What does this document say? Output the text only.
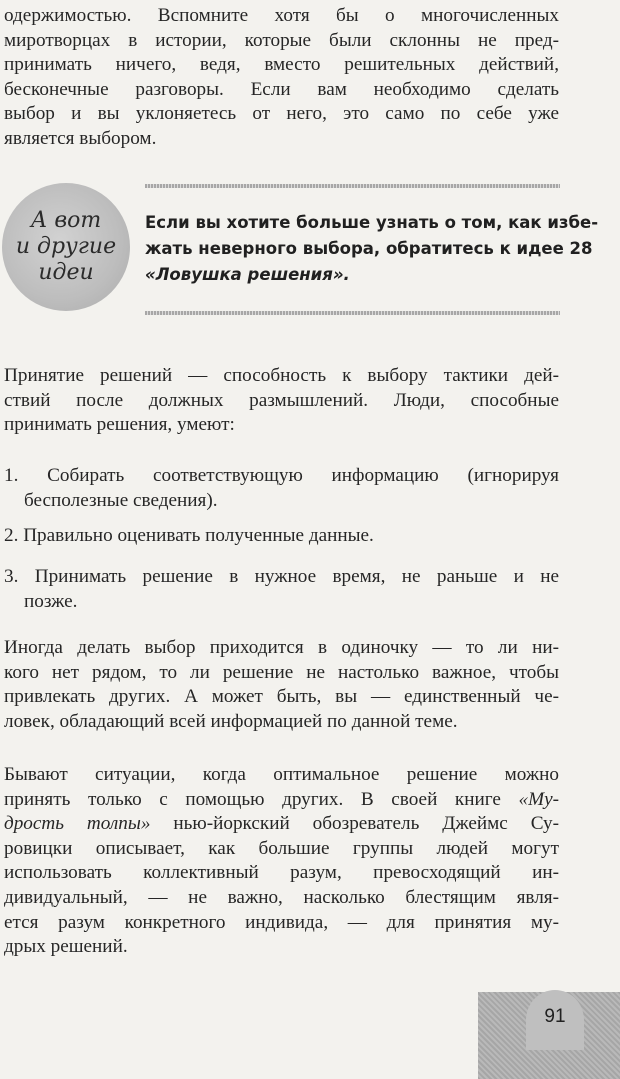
одержимостью. Вспомните хотя бы о многочисленных
миротворцах в истории, которые были склонны не пред-
принимать ничего, ведя, вместо решительных действий,
бесконечные разговоры. Если вам необходимо сделать
выбор и вы уклоняетесь от него, это само по себе уже
является выбором.

А вот
и другие
идеи

Если вы хотите больше узнать о том, как избе-
жать неверного выбора, обратитесь к идее 28
«Ловушка решения».

Принятие решений — способность к выбору тактики дей-
ствий после должных размышлений. Люди, способные
принимать решения, умеют:

1. Собирать соответствующую информацию (игнорируя
бесполезные сведения).

2. Правильно оценивать полученные данные.

3. Принимать решение в нужное время, не раньше и не
позже.

Иногда делать выбор приходится в одиночку — то ли ни-
кого нет рядом, то ли решение не настолько важное, чтобы
привлекать других. А может быть, вы — единственный че-
ловек, обладающий всей информацией по данной теме.

Бывают ситуации, когда оптимальное решение можно
принять только с помощью других. В своей книге «Му-
дрость толпы» нью-йоркский обозреватель Джеймс Су-
ровицки описывает, как большие группы людей могут
использовать коллективный разум, превосходящий ин-
дивидуальный, — не важно, насколько блестящим явля-
ется разум конкретного индивида, — для принятия му-
дрых решений.

91
